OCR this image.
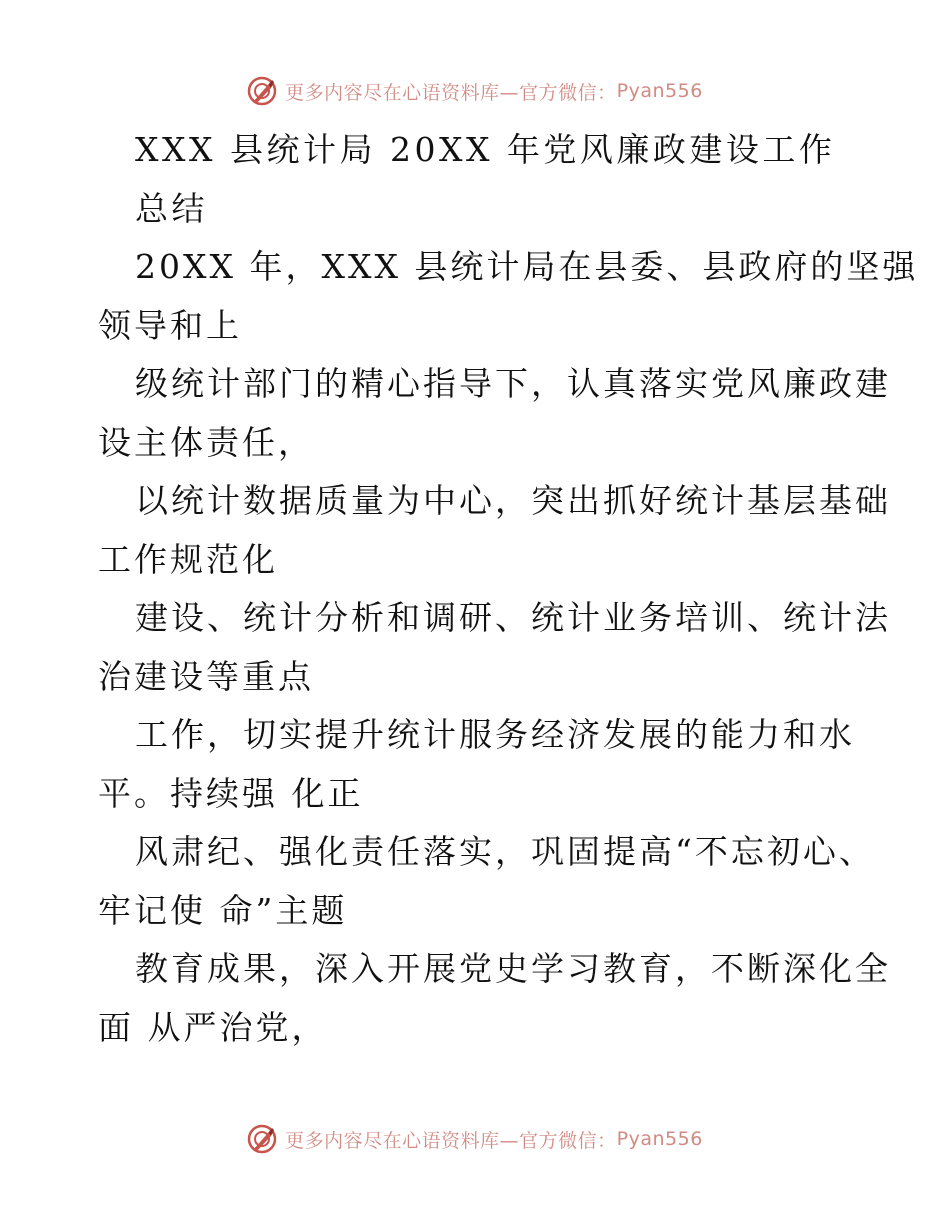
更多内容尽在心语资料库—官方微信： Pyan556
XXX 县统计局 20XX 年党风廉政建设工作
总结
20XX 年，XXX 县统计局在县委、县政府的坚强
领导和上
级统计部门的精心指导下，认真落实党风廉政建
设主体责任，
以统计数据质量为中心，突出抓好统计基层基础
工作规范化
建设、统计分析和调研、统计业务培训、统计法
治建设等重点
工作，切实提升统计服务经济发展的能力和水
平。持续强 化正
风肃纪、强化责任落实，巩固提高“不忘初心、
牢记使 命”主题
教育成果，深入开展党史学习教育，不断深化全
面 从严治党，
更多内容尽在心语资料库—官方微信： Pyan556
